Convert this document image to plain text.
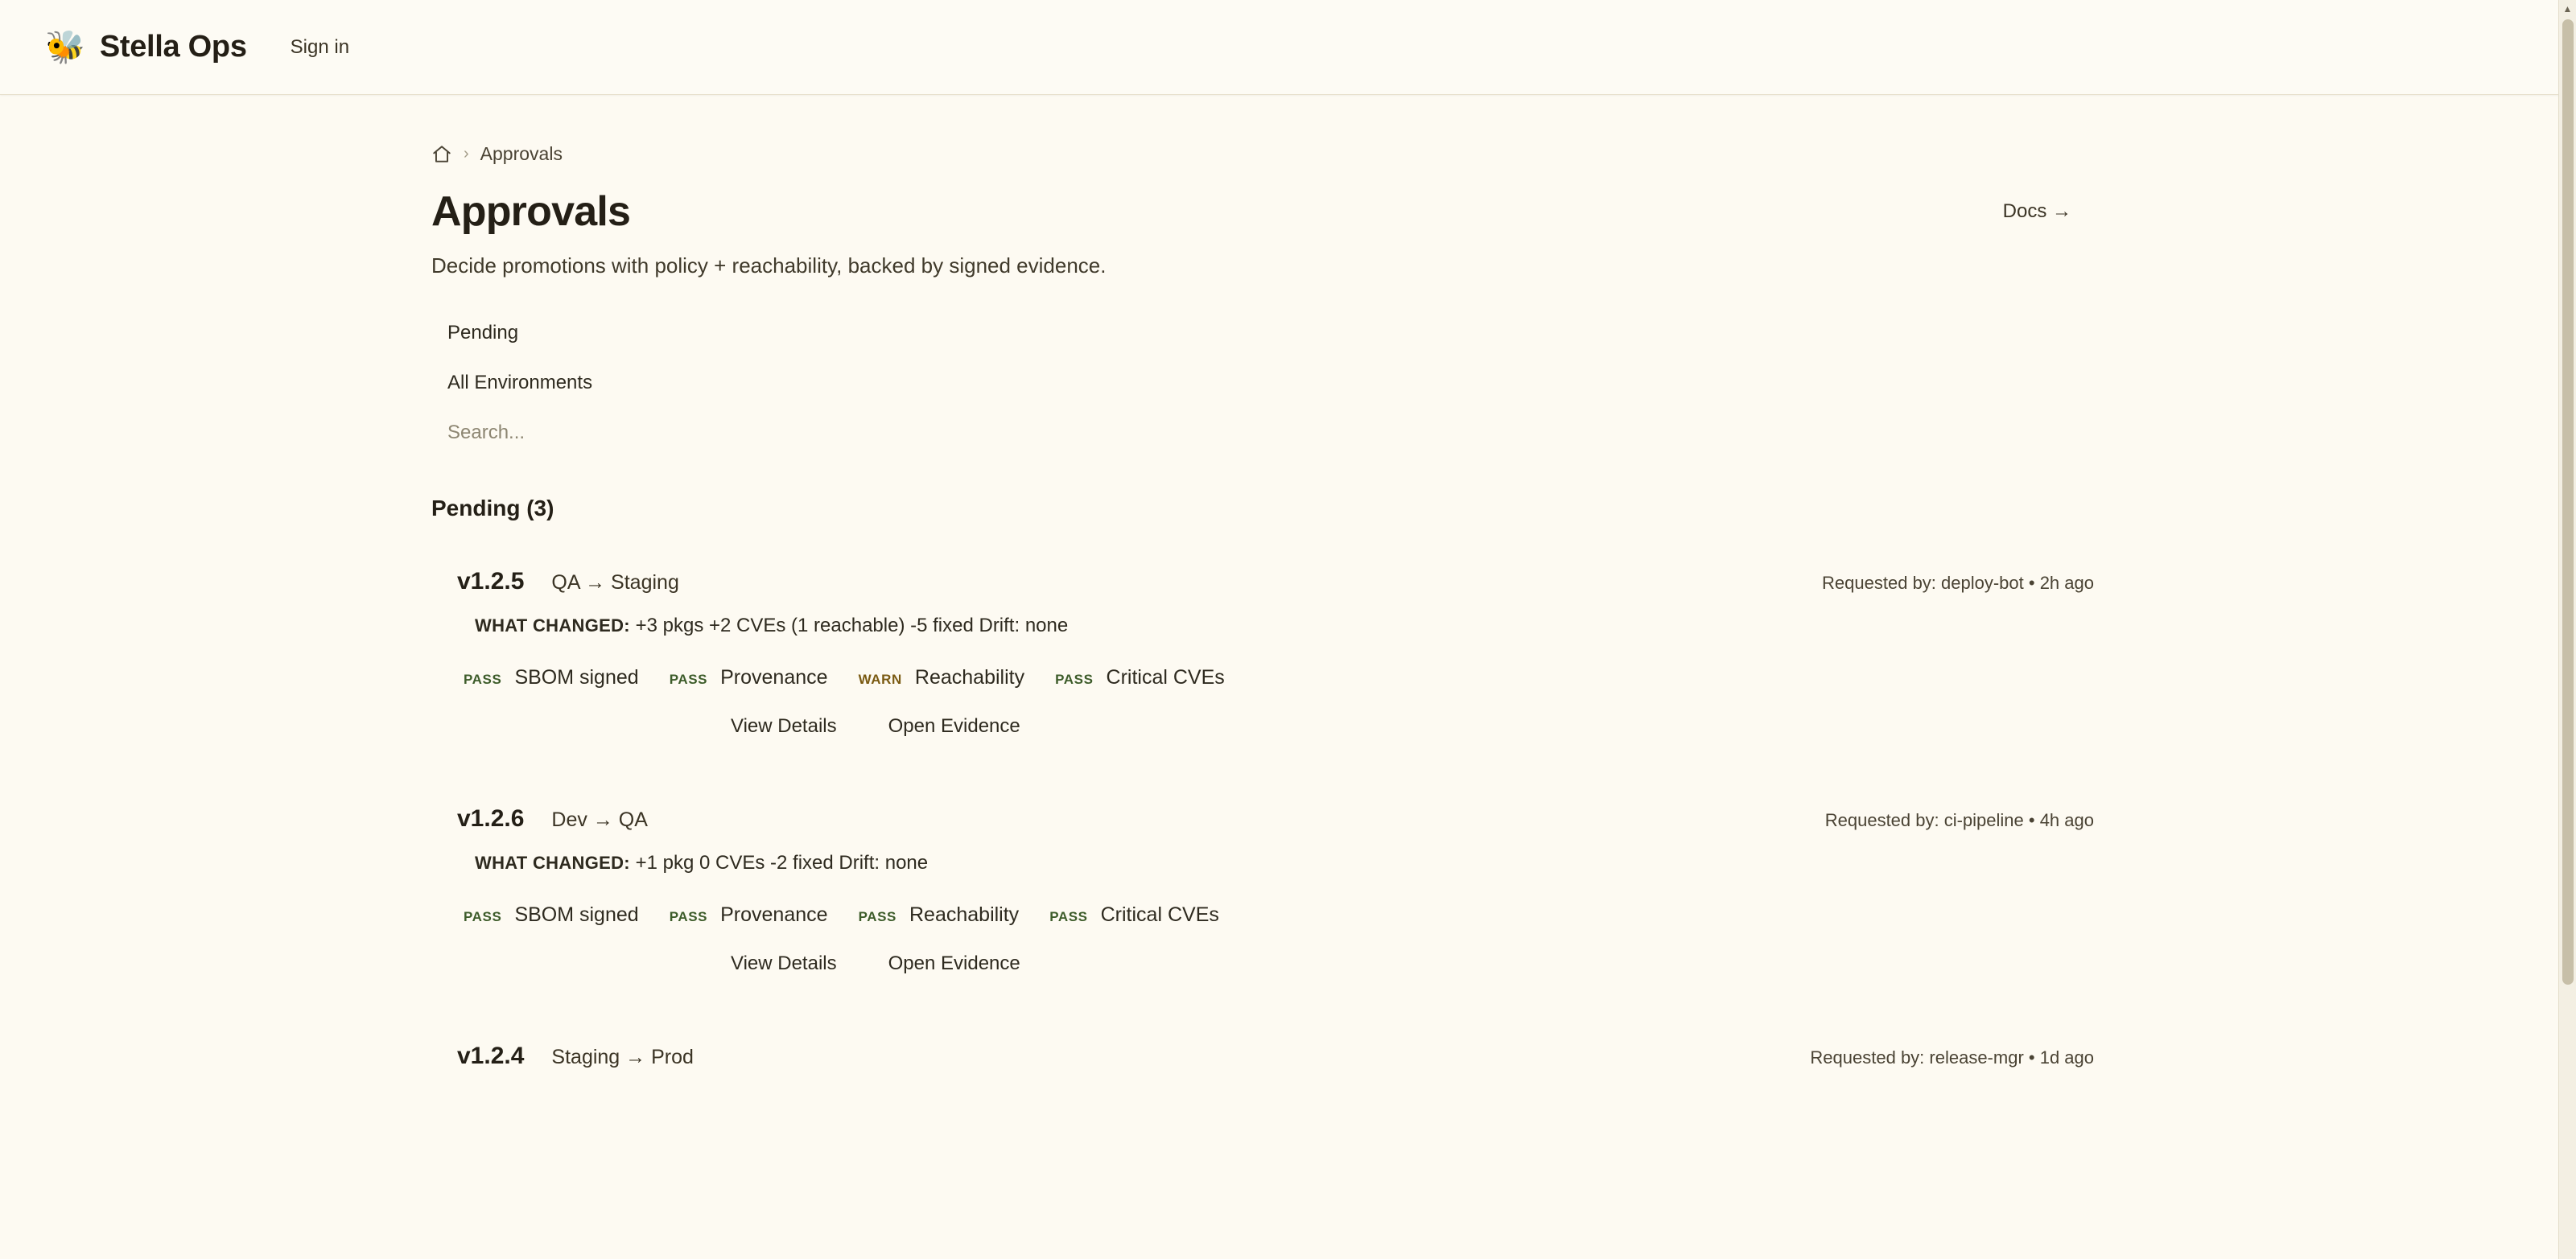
🐝 Stella Ops	Sign in
› Approvals
Approvals	Docs →
Decide promotions with policy + reachability, backed by signed evidence.
Pending
All Environments
Search...
Pending (3)
v1.2.5 QA → Staging	Requested by: deploy-bot • 2h ago
WHAT CHANGED: +3 pkgs +2 CVEs (1 reachable) -5 fixed Drift: none
PASS SBOM signed PASS Provenance WARN Reachability PASS Critical CVEs
View Details	Open Evidence
v1.2.6 Dev → QA	Requested by: ci-pipeline • 4h ago
WHAT CHANGED: +1 pkg 0 CVEs -2 fixed Drift: none
PASS SBOM signed PASS Provenance PASS Reachability PASS Critical CVEs
View Details	Open Evidence
v1.2.4 Staging → Prod	Requested by: release-mgr • 1d ago
▲
